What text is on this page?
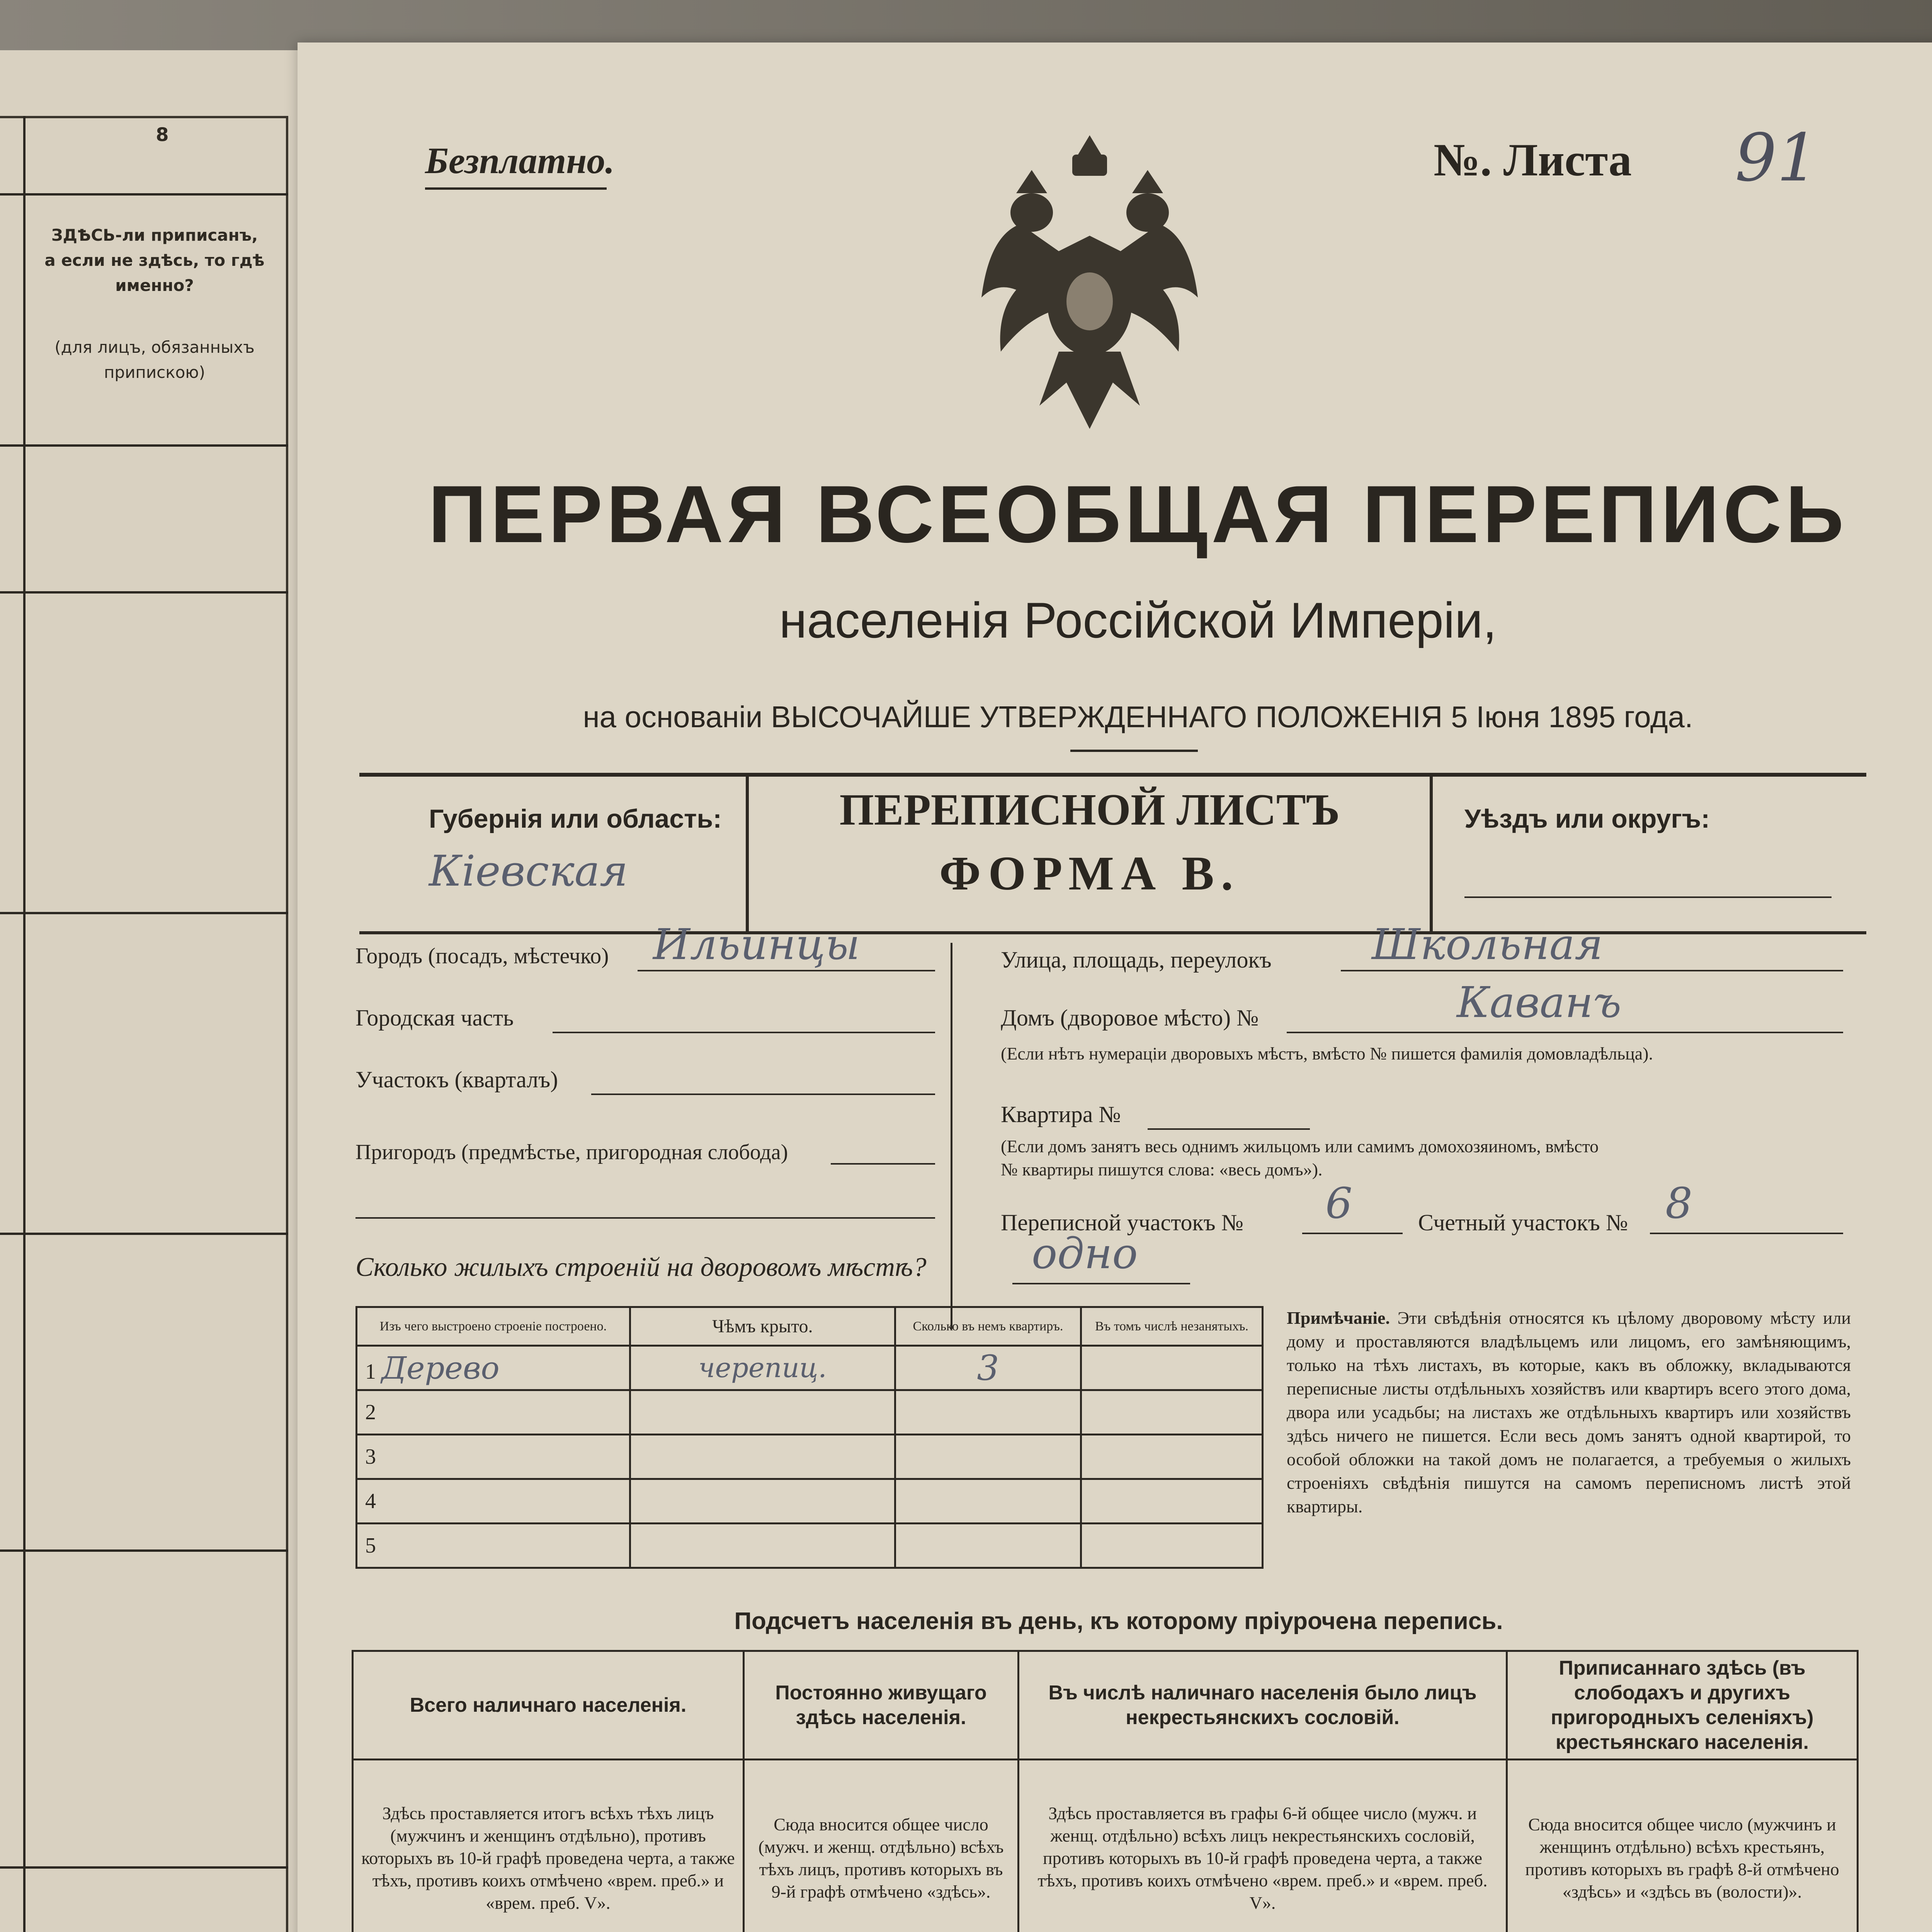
8
ЗДѢСЬ-ли приписанъ,
а если не здѣсь, то гдѣ
именно?
(для лицъ, обязанныхъ
припискою)
Безплатно.	№. Листа 91
ПЕРВАЯ ВСЕОБЩАЯ ПЕРЕПИСЬ
населенія Россійской Имперіи,
на основаніи ВЫСОЧАЙШЕ УТВЕРЖДЕННАГО ПОЛОЖЕНІЯ 5 Іюня 1895 года.
Губернія или область:
Кіевская
ПЕРЕПИСНОЙ ЛИСТЪ
ФОРМА В.
Уѣздъ или округъ:
Городъ (посадъ, мѣстечко) Ильинцы
Городская часть
Участокъ (кварталъ)
Пригородъ (предмѣстье, пригородная слобода)
Улица, площадь, переулокъ Школьная
Домъ (дворовое мѣсто) №	Каванъ
(Если нѣтъ нумераціи дворовыхъ мѣстъ, вмѣсто № пишется фамилія домовладѣльца).
Квартира №
(Если домъ занятъ весь однимъ жильцомъ или самимъ домохозяиномъ, вмѣсто
№ квартиры пишутся слова: «весь домъ»).
Переписной участокъ № 6	Счетный участокъ № 8
Сколько жилыхъ строеній на дворовомъ мѣстѣ? одно
Изъ чего выстроено строеніе построено.	Чѣмъ крыто.	Сколько въ немъ квартиръ.	Въ томъ числѣ незанятыхъ.
1 Дерево	черепиц.	3	
2			
3			
4			
5			
Примѣчаніе. Эти свѣдѣнія относятся къ цѣлому дворовому мѣсту или дому и проставляются владѣльцемъ или лицомъ, его замѣняющимъ, только на тѣхъ листахъ, въ которые, какъ въ обложку, вкладываются переписные листы отдѣльныхъ хозяйствъ или квартиръ всего этого дома, двора или усадьбы; на листахъ же отдѣльныхъ квартиръ или хозяйствъ здѣсь ничего не пишется. Если весь домъ занятъ одной квартирой, то особой обложки на такой домъ не полагается, а требуемыя о жилыхъ строеніяхъ свѣдѣнія пишутся на самомъ переписномъ листѣ этой квартиры.
Подсчетъ населенія въ день, къ которому пріурочена перепись.
Всего наличнаго населенія.		Постоянно живущаго здѣсь населенія.		Въ числѣ наличнаго населенія было лицъ некрестьянскихъ сословій.		Приписаннаго здѣсь (въ слободахъ и другихъ пригородныхъ селеніяхъ) крестьянскаго населенія.	
Здѣсь проставляется итогъ всѣхъ тѣхъ лицъ (мужчинъ и женщинъ отдѣльно), противъ которыхъ въ 10-й графѣ проведена черта, а также тѣхъ, противъ коихъ отмѣчено «врем. преб.» и «врем. преб. V».		Сюда вносится общее число (мужч. и женщ. отдѣльно) всѣхъ тѣхъ лицъ, противъ которыхъ въ 9-й графѣ отмѣчено «здѣсь».		Здѣсь проставляется въ графы 6-й общее число (мужч. и женщ. отдѣльно) всѣхъ лицъ некрестьянскихъ сословій, противъ которыхъ въ 10-й графѣ проведена черта, а также тѣхъ, противъ коихъ отмѣчено «врем. преб.» и «врем. преб. V».		Сюда вносится общее число (мужчинъ и женщинъ отдѣльно) всѣхъ крестьянъ, противъ которыхъ въ графѣ 8-й отмѣчено «здѣсь» и «здѣсь въ (волости)».	
